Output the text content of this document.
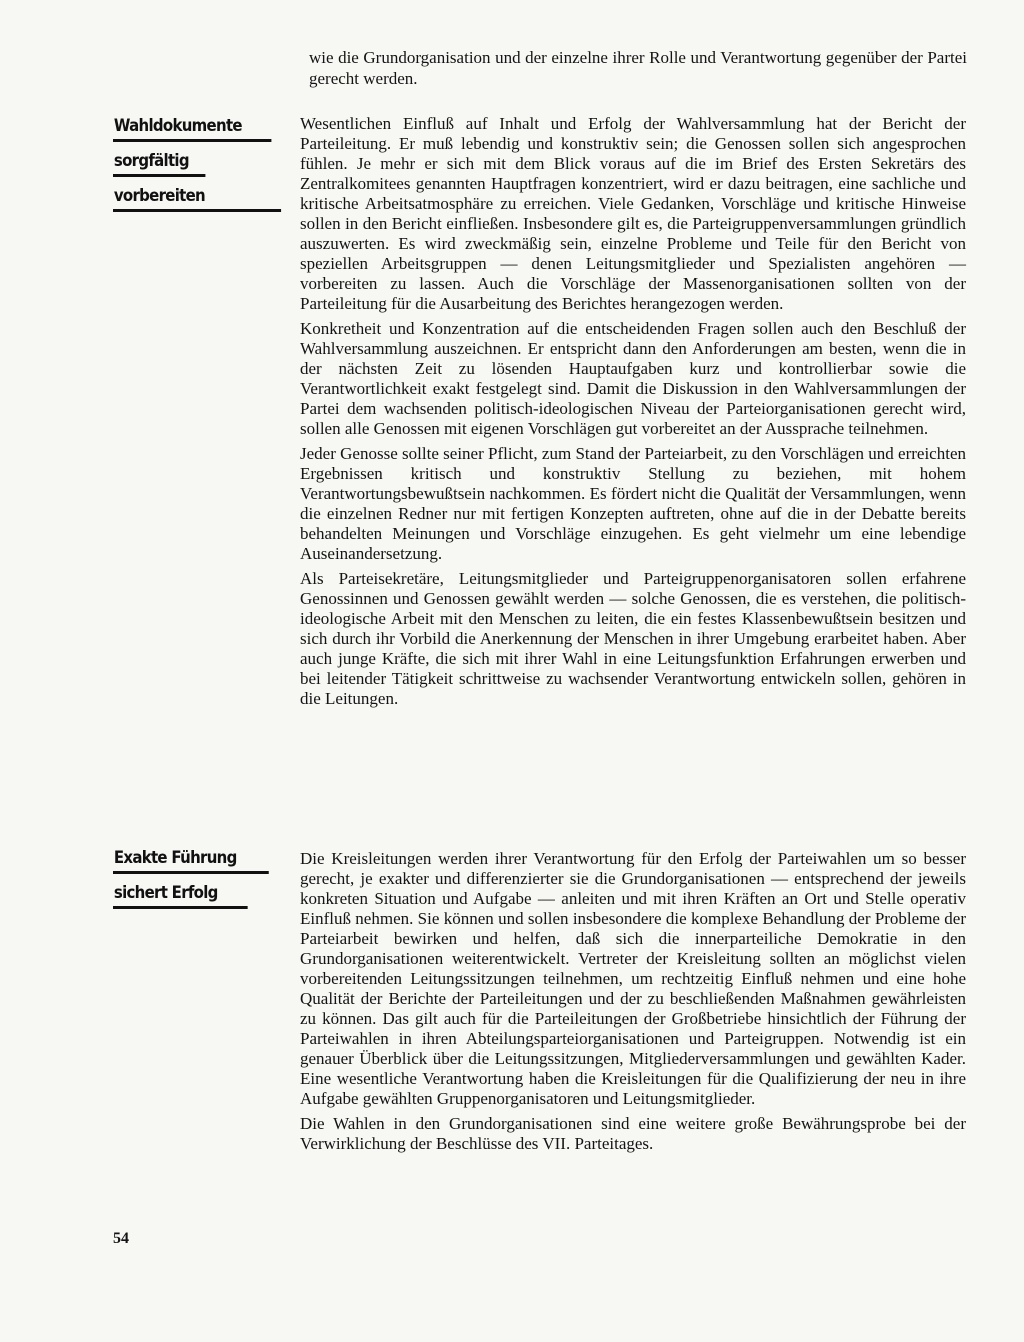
wie die Grundorganisation und der einzelne ihrer Rolle und Verantwortung gegenüber der Partei gerecht werden.

Wahldokumente
sorgfältig
vorbereiten

Wesentlichen Einfluß auf Inhalt und Erfolg der Wahlversammlung hat der Bericht der Parteileitung. Er muß lebendig und konstruktiv sein; die Genossen sollen sich angesprochen fühlen. Je mehr er sich mit dem Blick voraus auf die im Brief des Ersten Sekretärs des Zentralkomitees genannten Hauptfragen konzentriert, wird er dazu beitragen, eine sachliche und kritische Arbeitsatmosphäre zu erreichen. Viele Gedanken, Vorschläge und kritische Hinweise sollen in den Bericht einfließen. Insbesondere gilt es, die Parteigruppenversammlungen gründlich auszuwerten. Es wird zweckmäßig sein, einzelne Probleme und Teile für den Bericht von speziellen Arbeitsgruppen — denen Leitungsmitglieder und Spezialisten angehören — vorbereiten zu lassen. Auch die Vorschläge der Massenorganisationen sollten von der Parteileitung für die Ausarbeitung des Berichtes herangezogen werden.

Konkretheit und Konzentration auf die entscheidenden Fragen sollen auch den Beschluß der Wahlversammlung auszeichnen. Er entspricht dann den Anforderungen am besten, wenn die in der nächsten Zeit zu lösenden Hauptaufgaben kurz und kontrollierbar sowie die Verantwortlichkeit exakt festgelegt sind. Damit die Diskussion in den Wahlversammlungen der Partei dem wachsenden politisch-ideologischen Niveau der Parteiorganisationen gerecht wird, sollen alle Genossen mit eigenen Vorschlägen gut vorbereitet an der Aussprache teilnehmen.

Jeder Genosse sollte seiner Pflicht, zum Stand der Parteiarbeit, zu den Vorschlägen und erreichten Ergebnissen kritisch und konstruktiv Stellung zu beziehen, mit hohem Verantwortungsbewußtsein nachkommen. Es fördert nicht die Qualität der Versammlungen, wenn die einzelnen Redner nur mit fertigen Konzepten auftreten, ohne auf die in der Debatte bereits behandelten Meinungen und Vorschläge einzugehen. Es geht vielmehr um eine lebendige Auseinandersetzung.

Als Parteisekretäre, Leitungsmitglieder und Parteigruppenorganisatoren sollen erfahrene Genossinnen und Genossen gewählt werden — solche Genossen, die es verstehen, die politisch-ideologische Arbeit mit den Menschen zu leiten, die ein festes Klassenbewußtsein besitzen und sich durch ihr Vorbild die Anerkennung der Menschen in ihrer Umgebung erarbeitet haben. Aber auch junge Kräfte, die sich mit ihrer Wahl in eine Leitungsfunktion Erfahrungen erwerben und bei leitender Tätigkeit schrittweise zu wachsender Verantwortung entwickeln sollen, gehören in die Leitungen.

Exakte Führung
sichert Erfolg

Die Kreisleitungen werden ihrer Verantwortung für den Erfolg der Parteiwahlen um so besser gerecht, je exakter und differenzierter sie die Grundorganisationen — entsprechend der jeweils konkreten Situation und Aufgabe — anleiten und mit ihren Kräften an Ort und Stelle operativ Einfluß nehmen. Sie können und sollen insbesondere die komplexe Behandlung der Probleme der Parteiarbeit bewirken und helfen, daß sich die innerparteiliche Demokratie in den Grundorganisationen weiterentwickelt. Vertreter der Kreisleitung sollten an möglichst vielen vorbereitenden Leitungssitzungen teilnehmen, um rechtzeitig Einfluß nehmen und eine hohe Qualität der Berichte der Parteileitungen und der zu beschließenden Maßnahmen gewährleisten zu können. Das gilt auch für die Parteileitungen der Großbetriebe hinsichtlich der Führung der Parteiwahlen in ihren Abteilungsparteiorganisationen und Parteigruppen. Notwendig ist ein genauer Überblick über die Leitungssitzungen, Mitgliederversammlungen und gewählten Kader. Eine wesentliche Verantwortung haben die Kreisleitungen für die Qualifizierung der neu in ihre Aufgabe gewählten Gruppenorganisatoren und Leitungsmitglieder.

Die Wahlen in den Grundorganisationen sind eine weitere große Bewährungsprobe bei der Verwirklichung der Beschlüsse des VII. Parteitages.

54
